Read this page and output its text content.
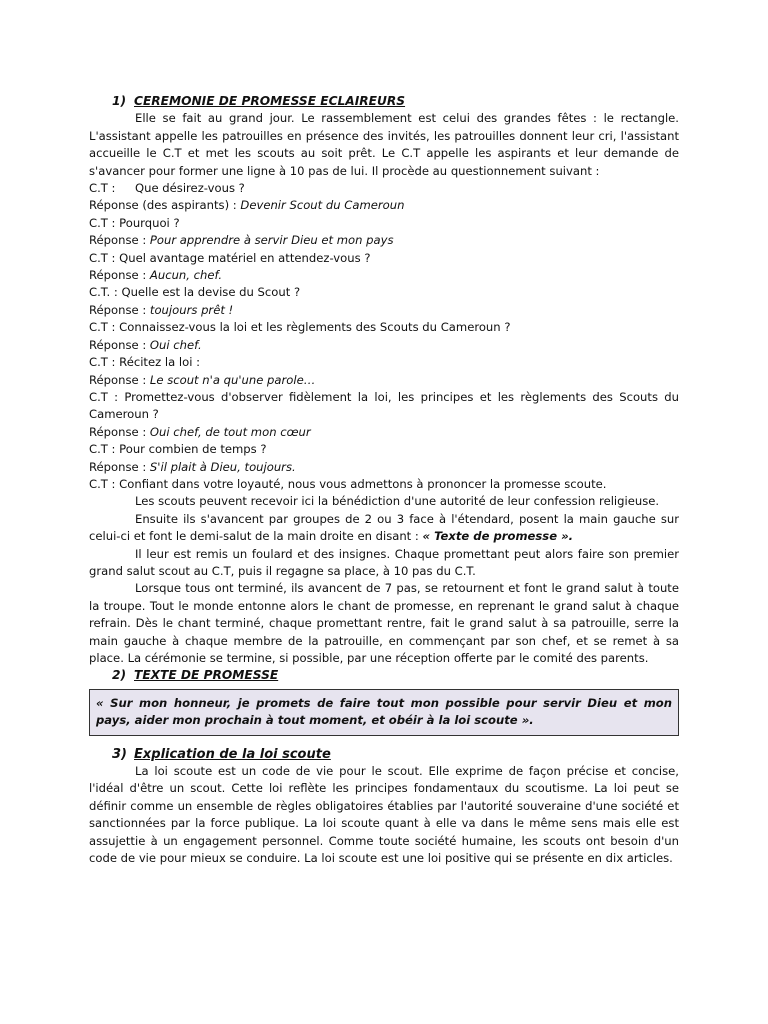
1) CEREMONIE DE PROMESSE ECLAIREURS

Elle se fait au grand jour. Le rassemblement est celui des grandes fêtes : le rectangle. L'assistant appelle les patrouilles en présence des invités, les patrouilles donnent leur cri, l'assistant accueille le C.T et met les scouts au soit prêt. Le C.T appelle les aspirants et leur demande de s'avancer pour former une ligne à 10 pas de lui. Il procède au questionnement suivant :

C.T : Que désirez-vous ?
Réponse (des aspirants) : Devenir Scout du Cameroun
C.T : Pourquoi ?
Réponse : Pour apprendre à servir Dieu et mon pays
C.T : Quel avantage matériel en attendez-vous ?
Réponse : Aucun, chef.
C.T. : Quelle est la devise du Scout ?
Réponse : toujours prêt !
C.T : Connaissez-vous la loi et les règlements des Scouts du Cameroun ?
Réponse : Oui chef.
C.T : Récitez la loi :
Réponse : Le scout n'a qu'une parole…
C.T : Promettez-vous d'observer fidèlement la loi, les principes et les règlements des Scouts du Cameroun ?
Réponse : Oui chef, de tout mon cœur
C.T : Pour combien de temps ?
Réponse : S'il plait à Dieu, toujours.
C.T : Confiant dans votre loyauté, nous vous admettons à prononcer la promesse scoute.

Les scouts peuvent recevoir ici la bénédiction d'une autorité de leur confession religieuse.

Ensuite ils s'avancent par groupes de 2 ou 3 face à l'étendard, posent la main gauche sur celui-ci et font le demi-salut de la main droite en disant : « Texte de promesse ».

Il leur est remis un foulard et des insignes. Chaque promettant peut alors faire son premier grand salut scout au C.T, puis il regagne sa place, à 10 pas du C.T.

Lorsque tous ont terminé, ils avancent de 7 pas, se retournent et font le grand salut à toute la troupe. Tout le monde entonne alors le chant de promesse, en reprenant le grand salut à chaque refrain. Dès le chant terminé, chaque promettant rentre, fait le grand salut à sa patrouille, serre la main gauche à chaque membre de la patrouille, en commençant par son chef, et se remet à sa place. La cérémonie se termine, si possible, par une réception offerte par le comité des parents.

2) TEXTE DE PROMESSE
« Sur mon honneur, je promets de faire tout mon possible pour servir Dieu et mon pays, aider mon prochain à tout moment, et obéir à la loi scoute ».
3) Explication de la loi scoute

La loi scoute est un code de vie pour le scout. Elle exprime de façon précise et concise, l'idéal d'être un scout. Cette loi reflète les principes fondamentaux du scoutisme. La loi peut se définir comme un ensemble de règles obligatoires établies par l'autorité souveraine d'une société et sanctionnées par la force publique. La loi scoute quant à elle va dans le même sens mais elle est assujettie à un engagement personnel. Comme toute société humaine, les scouts ont besoin d'un code de vie pour mieux se conduire. La loi scoute est une loi positive qui se présente en dix articles.
